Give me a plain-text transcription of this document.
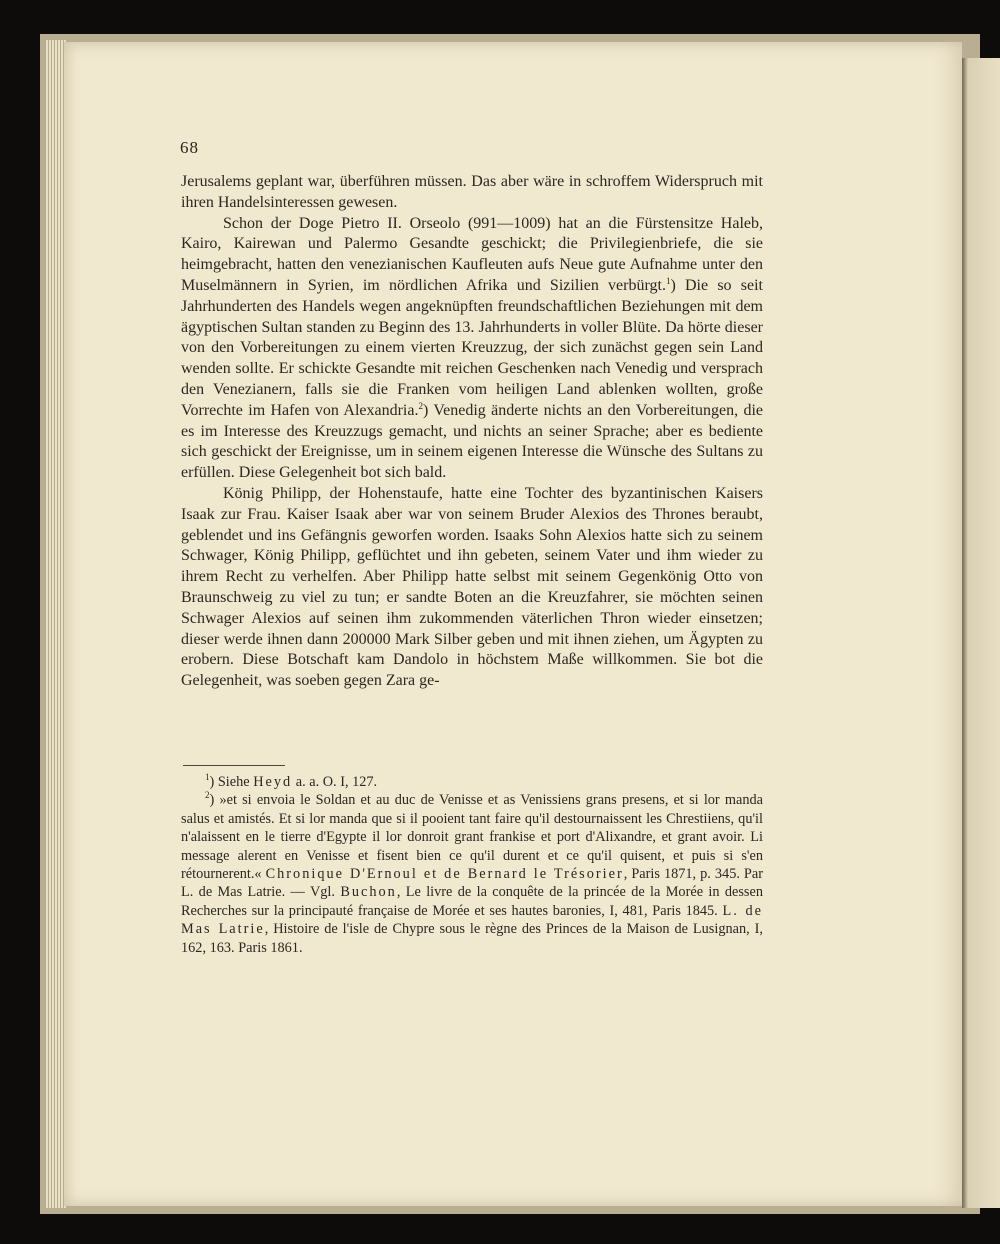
68

Jerusalems geplant war, überführen müssen. Das aber wäre in schroffem Widerspruch mit ihren Handelsinteressen gewesen.

Schon der Doge Pietro II. Orseolo (991—1009) hat an die Fürstensitze Haleb, Kairo, Kairewan und Palermo Gesandte geschickt; die Privilegienbriefe, die sie heimgebracht, hatten den venezianischen Kaufleuten aufs Neue gute Aufnahme unter den Muselmännern in Syrien, im nördlichen Afrika und Sizilien verbürgt.$^1$) Die so seit Jahrhunderten des Handels wegen angeknüpften freundschaftlichen Beziehungen mit dem ägyptischen Sultan standen zu Beginn des 13. Jahrhunderts in voller Blüte. Da hörte dieser von den Vorbereitungen zu einem vierten Kreuzzug, der sich zunächst gegen sein Land wenden sollte. Er schickte Gesandte mit reichen Geschenken nach Venedig und versprach den Venezianern, falls sie die Franken vom heiligen Land ablenken wollten, große Vorrechte im Hafen von Alexandria.$^2$) Venedig änderte nichts an den Vorbereitungen, die es im Interesse des Kreuzzugs gemacht, und nichts an seiner Sprache; aber es bediente sich geschickt der Ereignisse, um in seinem eigenen Interesse die Wünsche des Sultans zu erfüllen. Diese Gelegenheit bot sich bald.

König Philipp, der Hohenstaufe, hatte eine Tochter des byzantinischen Kaisers Isaak zur Frau. Kaiser Isaak aber war von seinem Bruder Alexios des Thrones beraubt, geblendet und ins Gefängnis geworfen worden. Isaaks Sohn Alexios hatte sich zu seinem Schwager, König Philipp, geflüchtet und ihn gebeten, seinem Vater und ihm wieder zu ihrem Recht zu verhelfen. Aber Philipp hatte selbst mit seinem Gegenkönig Otto von Braunschweig zu viel zu tun; er sandte Boten an die Kreuzfahrer, sie möchten seinen Schwager Alexios auf seinen ihm zukommenden väterlichen Thron wieder einsetzen; dieser werde ihnen dann 200000 Mark Silber geben und mit ihnen ziehen, um Ägypten zu erobern. Diese Botschaft kam Dandolo in höchstem Maße willkommen. Sie bot die Gelegenheit, was soeben gegen Zara ge-

$^1$) Siehe Heyd a. a. O. I, 127.

$^2$) »et si envoia le Soldan et au duc de Venisse et as Venissiens grans presens, et si lor manda salus et amistés. Et si lor manda que si il pooient tant faire qu'il destournaissent les Chrestiiens, qu'il n'alaissent en le tierre d'Egypte il lor donroit grant frankise et port d'Alixandre, et grant avoir. Li message alerent en Venisse et fisent bien ce qu'il durent et ce qu'il quisent, et puis si s'en rétournerent.« Chronique D'Ernoul et de Bernard le Trésorier, Paris 1871, p. 345. Par L. de Mas Latrie. — Vgl. Buchon, Le livre de la conquête de la princée de la Morée in dessen Recherches sur la principauté française de Morée et ses hautes baronies, I, 481, Paris 1845. L. de Mas Latrie, Histoire de l'isle de Chypre sous le règne des Princes de la Maison de Lusignan, I, 162, 163. Paris 1861.
